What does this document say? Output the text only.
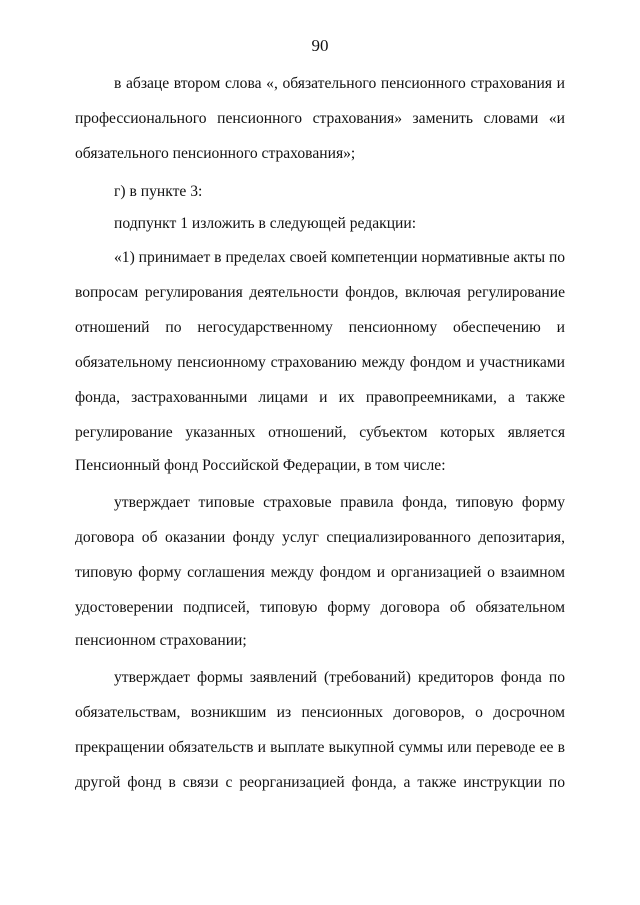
90
в абзаце втором слова «, обязательного пенсионного страхования и
профессионального пенсионного страхования» заменить словами «и
обязательного пенсионного страхования»;
г) в пункте 3:
подпункт 1 изложить в следующей редакции:
«1) принимает в пределах своей компетенции нормативные акты по
вопросам регулирования деятельности фондов, включая регулирование
отношений по негосударственному пенсионному обеспечению и
обязательному пенсионному страхованию между фондом и участниками
фонда, застрахованными лицами и их правопреемниками, а также
регулирование указанных отношений, субъектом которых является
Пенсионный фонд Российской Федерации, в том числе:
утверждает типовые страховые правила фонда, типовую форму
договора об оказании фонду услуг специализированного депозитария,
типовую форму соглашения между фондом и организацией о взаимном
удостоверении подписей, типовую форму договора об обязательном
пенсионном страховании;
утверждает формы заявлений (требований) кредиторов фонда по
обязательствам, возникшим из пенсионных договоров, о досрочном
прекращении обязательств и выплате выкупной суммы или переводе ее в
другой фонд в связи с реорганизацией фонда, а также инструкции по
